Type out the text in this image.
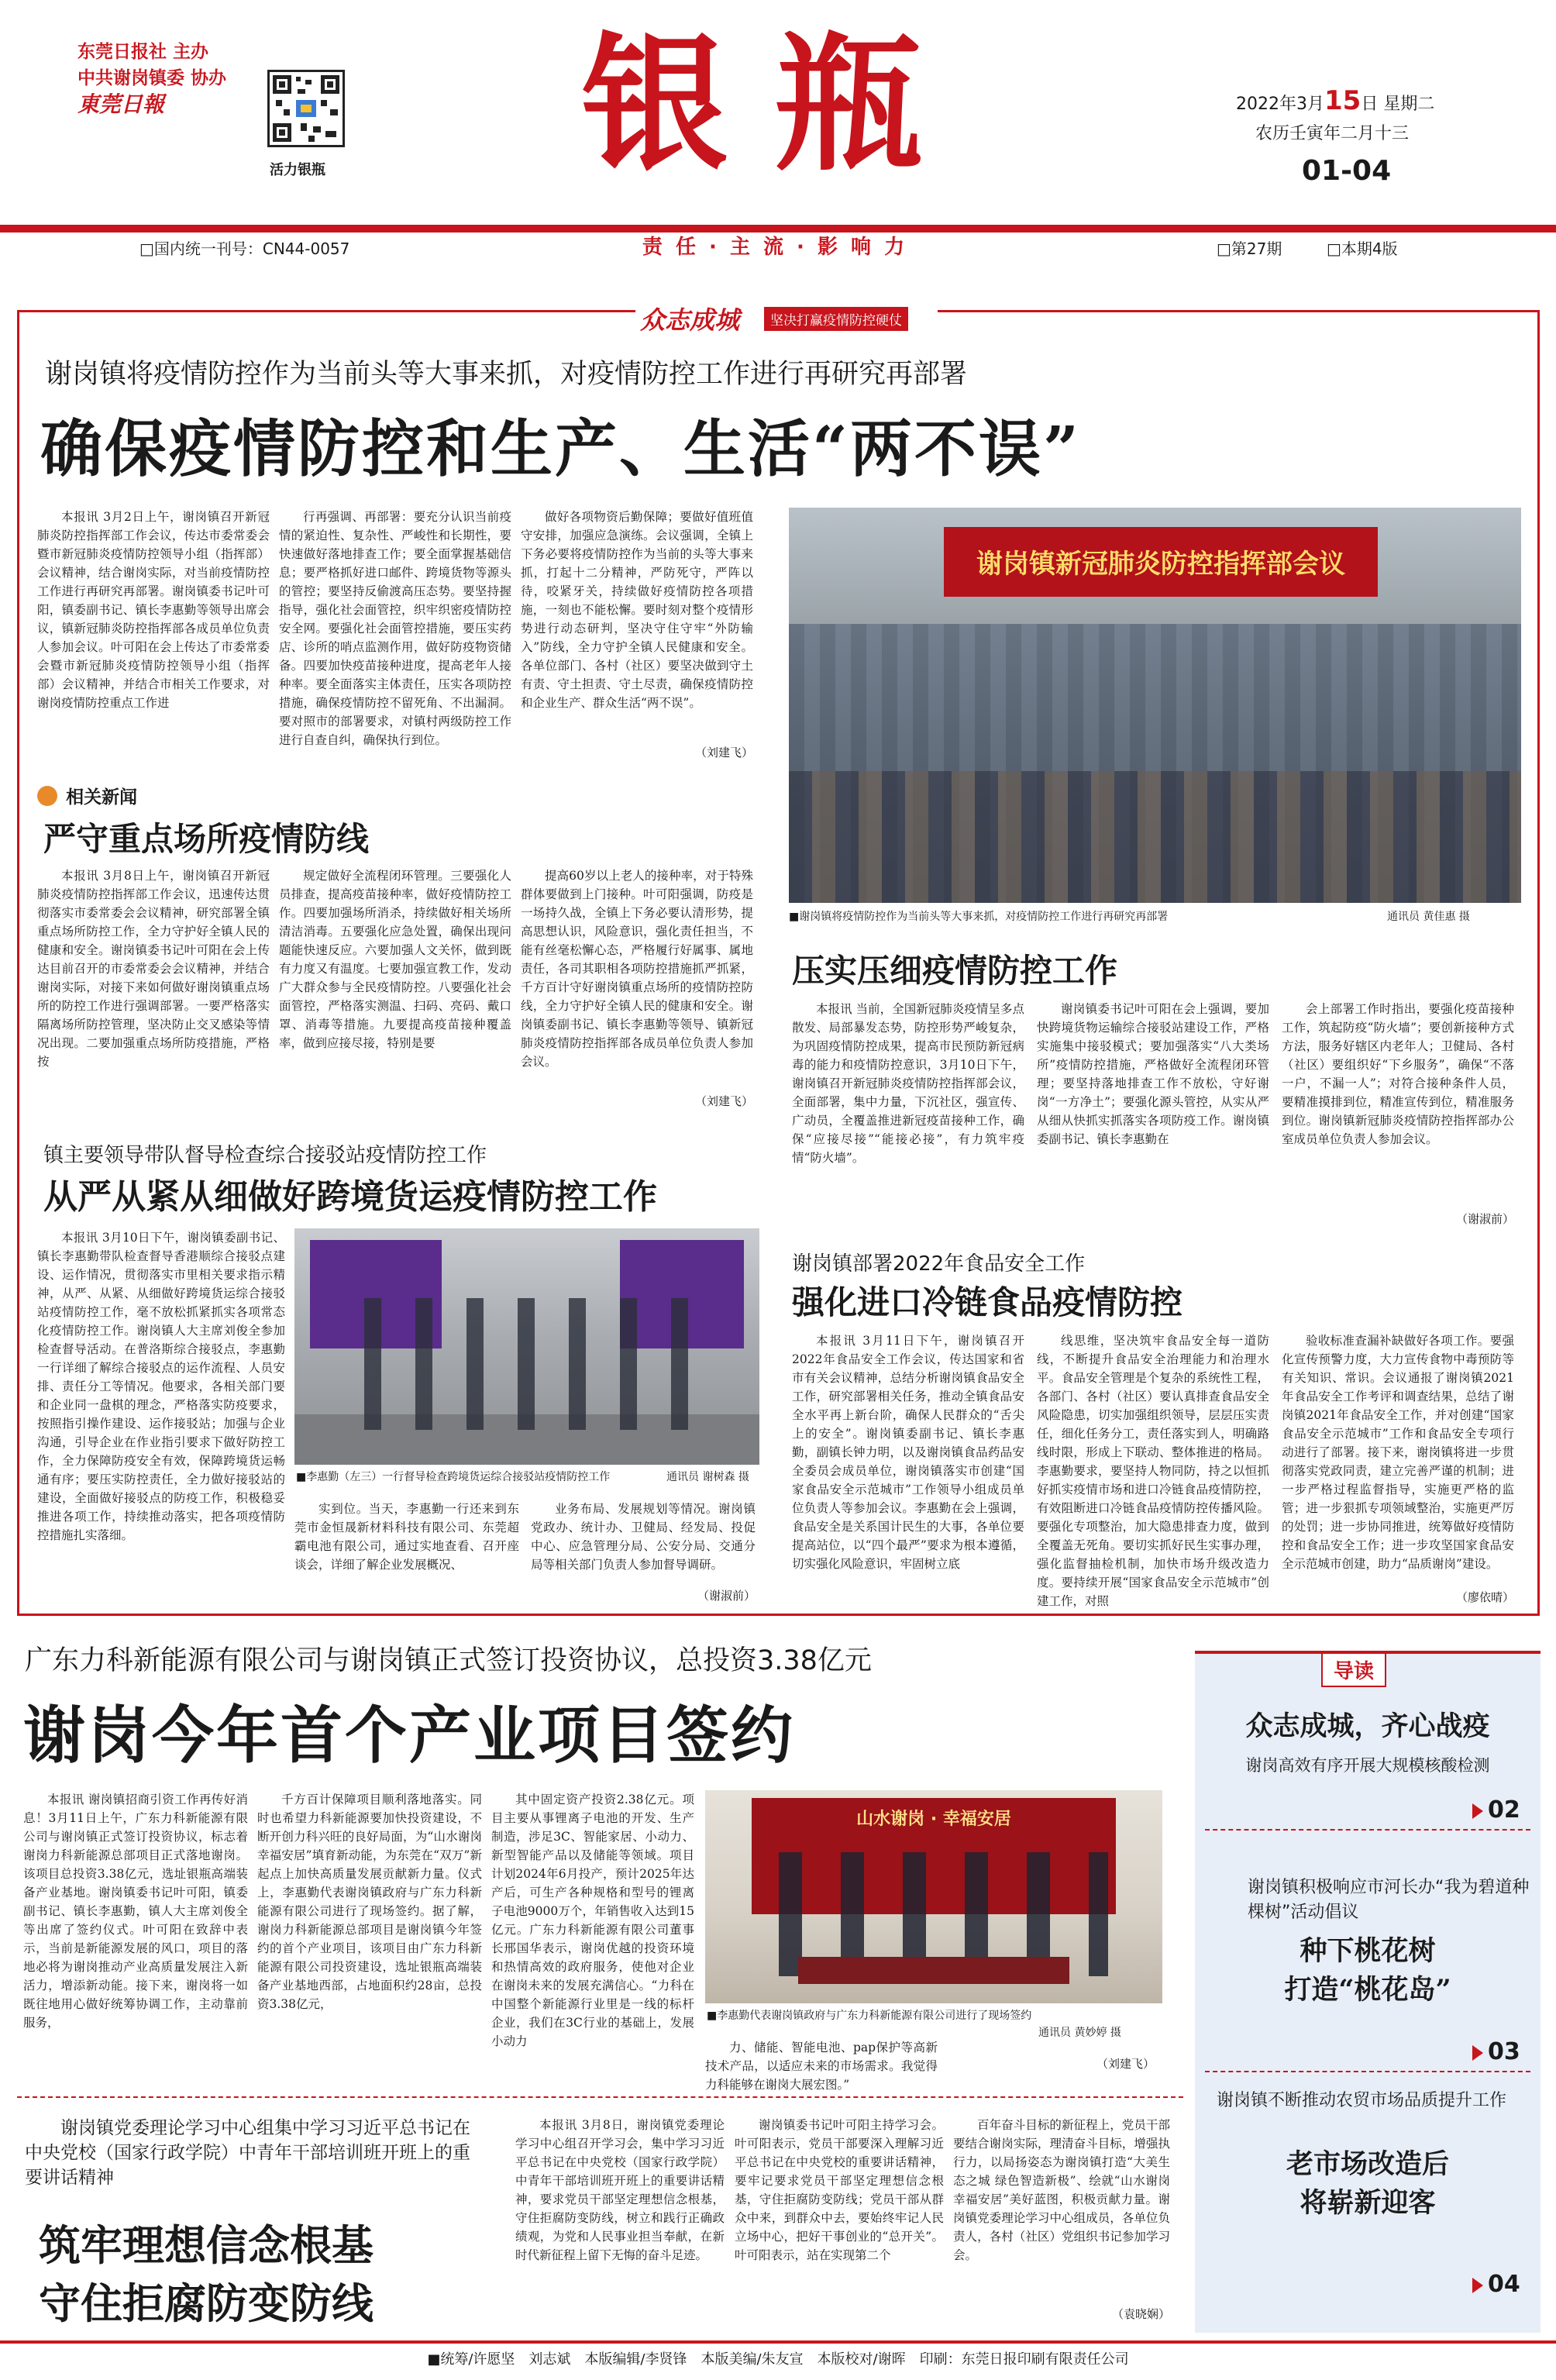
东莞日报社 主办
中共谢岗镇委 协办
東莞日報
活力银瓶	银瓶
责 任 · 主 流 · 影 响 力
2022年3月15日 星期二
农历壬寅年二月十三
01-04
□国内统一刊号：CN44-0057	□第27期	□本期4版
众志成城	坚决打赢疫情防控硬仗
谢岗镇将疫情防控作为当前头等大事来抓，对疫情防控工作进行再研究再部署
确保疫情防控和生产、生活“两不误”
本报讯 3月2日上午，谢岗镇召开新冠肺炎防控指挥部工作会议，传达市委常委会暨市新冠肺炎疫情防控领导小组（指挥部）会议精神，结合谢岗实际，对当前疫情防控工作进行再研究再部署。谢岗镇委书记叶可阳，镇委副书记、镇长李惠勤等领导出席会议，镇新冠肺炎防控指挥部各成员单位负责人参加会议。叶可阳在会上传达了市委常委会暨市新冠肺炎疫情防控领导小组（指挥部）会议精神，并结合市相关工作要求，对谢岗疫情防控重点工作进
行再强调、再部署：要充分认识当前疫情的紧迫性、复杂性、严峻性和长期性，要快速做好落地排查工作；要全面掌握基础信息；要严格抓好进口邮件、跨境货物等源头的管控；要坚持反偷渡高压态势。要坚持握指导，强化社会面管控，织牢织密疫情防控安全网。要强化社会面管控措施，要压实药店、诊所的哨点监测作用，做好防疫物资储备。四要加快疫苗接种进度，提高老年人接种率。要全面落实主体责任，压实各项防控措施，确保疫情防控不留死角、不出漏洞。要对照市的部署要求，对镇村两级防控工作进行自查自纠，确保执行到位。
做好各项物资后勤保障；要做好值班值守安排，加强应急演练。会议强调，全镇上下务必要将疫情防控作为当前的头等大事来抓，打起十二分精神，严防死守，严阵以待，咬紧牙关，持续做好疫情防控各项措施，一刻也不能松懈。要时刻对整个疫情形势进行动态研判，坚决守住守牢“外防输入”防线，全力守护全镇人民健康和安全。各单位部门、各村（社区）要坚决做到守土有责、守土担责、守土尽责，确保疫情防控和企业生产、群众生活“两不误”。
（刘建飞）
谢岗镇新冠肺炎防控指挥部会议
■谢岗镇将疫情防控作为当前头等大事来抓，对疫情防控工作进行再研究再部署	通讯员 黄佳惠 摄
相关新闻
严守重点场所疫情防线
本报讯 3月8日上午，谢岗镇召开新冠肺炎疫情防控指挥部工作会议，迅速传达贯彻落实市委常委会会议精神，研究部署全镇重点场所防控工作，全力守护好全镇人民的健康和安全。谢岗镇委书记叶可阳在会上传达目前召开的市委常委会会议精神，并结合谢岗实际，对接下来如何做好谢岗镇重点场所的防控工作进行强调部署。一要严格落实隔离场所防控管理，坚决防止交叉感染等情况出现。二要加强重点场所防疫措施，严格按
规定做好全流程闭环管理。三要强化人员排查，提高疫苗接种率，做好疫情防控工作。四要加强场所消杀，持续做好相关场所清洁消毒。五要强化应急处置，确保出现问题能快速反应。六要加强人文关怀，做到既有力度又有温度。七要加强宣教工作，发动广大群众参与全民疫情防控。八要强化社会面管控，严格落实测温、扫码、亮码、戴口罩、消毒等措施。九要提高疫苗接种覆盖率，做到应接尽接，特别是要
提高60岁以上老人的接种率，对于特殊群体要做到上门接种。叶可阳强调，防疫是一场持久战，全镇上下务必要认清形势，提高思想认识，风险意识，强化责任担当，不能有丝毫松懈心态，严格履行好属事、属地责任，各司其职相各项防控措施抓严抓紧，千方百计守好谢岗镇重点场所的疫情防控防线，全力守护好全镇人民的健康和安全。谢岗镇委副书记、镇长李惠勤等领导、镇新冠肺炎疫情防控指挥部各成员单位负责人参加会议。
（刘建飞）
压实压细疫情防控工作
本报讯 当前，全国新冠肺炎疫情呈多点散发、局部暴发态势，防控形势严峻复杂，为巩固疫情防控成果，提高市民预防新冠病毒的能力和疫情防控意识，3月10日下午，谢岗镇召开新冠肺炎疫情防控指挥部会议，全面部署，集中力量，下沉社区，强宣传、广动员，全覆盖推进新冠疫苗接种工作，确保“应接尽接”“能接必接”，有力筑牢疫情“防火墙”。
谢岗镇委书记叶可阳在会上强调，要加快跨境货物运输综合接驳站建设工作，严格实施集中接驳模式；要加强落实“八大类场所”疫情防控措施，严格做好全流程闭环管理；要坚持落地排查工作不放松，守好谢岗“一方净土”；要强化源头管控，从实从严从细从快抓实抓落实各项防疫工作。谢岗镇委副书记、镇长李惠勤在
会上部署工作时指出，要强化疫苗接种工作，筑起防疫“防火墙”；要创新接种方式方法，服务好辖区内老年人；卫健局、各村（社区）要组织好“下乡服务”，确保“不落一户，不漏一人”；对符合接种条件人员，要精准摸排到位，精准宣传到位，精准服务到位。谢岗镇新冠肺炎疫情防控指挥部办公室成员单位负责人参加会议。
（谢淑前）
镇主要领导带队督导检查综合接驳站疫情防控工作
从严从紧从细做好跨境货运疫情防控工作
本报讯 3月10日下午，谢岗镇委副书记、镇长李惠勤带队检查督导香港顺综合接驳点建设、运作情况，贯彻落实市里相关要求指示精神，从严、从紧、从细做好跨境货运综合接驳站疫情防控工作，毫不放松抓紧抓实各项常态化疫情防控工作。谢岗镇人大主席刘俊全参加检查督导活动。在普洛斯综合接驳点，李惠勤一行详细了解综合接驳点的运作流程、人员安排、责任分工等情况。他要求，各相关部门要和企业同一盘棋的理念，严格落实防疫要求，按照指引操作建设、运作接驳站；加强与企业沟通，引导企业在作业指引要求下做好防控工作，全力保障防疫安全有效，保障跨境货运畅通有序；要压实防控责任，全力做好接驳站的建设，全面做好接驳点的防疫工作，积极稳妥推进各项工作，持续推动落实，把各项疫情防控措施扎实落细。
■李惠勤（左三）一行督导检查跨境货运综合接驳站疫情防控工作	通讯员 谢树森 摄
实到位。当天，李惠勤一行还来到东莞市金恒晟新材料科技有限公司、东莞超霸电池有限公司，通过实地查看、召开座谈会，详细了解企业发展概况、
业务布局、发展规划等情况。谢岗镇党政办、统计办、卫健局、经发局、投促中心、应急管理分局、公安分局、交通分局等相关部门负责人参加督导调研。
（谢淑前）
谢岗镇部署2022年食品安全工作
强化进口冷链食品疫情防控
本报讯 3月11日下午，谢岗镇召开2022年食品安全工作会议，传达国家和省市有关会议精神，总结分析谢岗镇食品安全工作，研究部署相关任务，推动全镇食品安全水平再上新台阶，确保人民群众的“舌尖上的安全”。谢岗镇委副书记、镇长李惠勤，副镇长钟力明，以及谢岗镇食品药品安全委员会成员单位，谢岗镇落实市创建“国家食品安全示范城市”工作领导小组成员单位负责人等参加会议。李惠勤在会上强调，食品安全是关系国计民生的大事，各单位要提高站位，以“四个最严”要求为根本遵循，切实强化风险意识，牢固树立底
线思维，坚决筑牢食品安全每一道防线，不断提升食品安全治理能力和治理水平。食品安全管理是个复杂的系统性工程，各部门、各村（社区）要认真排查食品安全风险隐患，切实加强组织领导，层层压实责任，细化任务分工，责任落实到人，明确路线时限，形成上下联动、整体推进的格局。李惠勤要求，要坚持人物同防，持之以恒抓好抓实疫情市场和进口冷链食品疫情防控，有效阻断进口冷链食品疫情防控传播风险。要强化专项整治，加大隐患排查力度，做到全覆盖无死角。要切实抓好民生实事办理，强化监督抽检机制，加快市场升级改造力度。要持续开展“国家食品安全示范城市”创建工作，对照
验收标准查漏补缺做好各项工作。要强化宣传预警力度，大力宣传食物中毒预防等有关知识、常识。会议通报了谢岗镇2021年食品安全工作考评和调查结果，总结了谢岗镇2021年食品安全工作，并对创建“国家食品安全示范城市”工作和食品安全专项行动进行了部署。接下来，谢岗镇将进一步贯彻落实党政同责，建立完善严谨的机制；进一步严格过程监督指导，实施更严格的监管；进一步狠抓专项领域整治，实施更严厉的处罚；进一步协同推进，统筹做好疫情防控和食品安全工作；进一步攻坚国家食品安全示范城市创建，助力“品质谢岗”建设。
（廖依晴）
广东力科新能源有限公司与谢岗镇正式签订投资协议，总投资3.38亿元
谢岗今年首个产业项目签约
本报讯 谢岗镇招商引资工作再传好消息！3月11日上午，广东力科新能源有限公司与谢岗镇正式签订投资协议，标志着谢岗力科新能源总部项目正式落地谢岗。该项目总投资3.38亿元，选址银瓶高端装备产业基地。谢岗镇委书记叶可阳，镇委副书记、镇长李惠勤，镇人大主席刘俊全等出席了签约仪式。叶可阳在致辞中表示，当前是新能源发展的风口，项目的落地必将为谢岗推动产业高质量发展注入新活力，增添新动能。接下来，谢岗将一如既往地用心做好统筹协调工作，主动靠前服务，
千方百计保障项目顺利落地落实。同时也希望力科新能源要加快投资建设，不断开创力科兴旺的良好局面，为“山水谢岗 幸福安居”填育新动能，为东莞在“双万”新起点上加快高质量发展贡献新力量。仪式上，李惠勤代表谢岗镇政府与广东力科新能源有限公司进行了现场签约。据了解，谢岗力科新能源总部项目是谢岗镇今年签约的首个产业项目，该项目由广东力科新能源有限公司投资建设，选址银瓶高端装备产业基地西部，占地面积约28亩，总投资3.38亿元，
其中固定资产投资2.38亿元。项目主要从事锂离子电池的开发、生产制造，涉足3C、智能家居、小动力、新型智能产品以及储能等领域。项目计划2024年6月投产，预计2025年达产后，可生产各种规格和型号的锂离子电池9000万个，年销售收入达到15亿元。广东力科新能源有限公司董事长邢国华表示，谢岗优越的投资环境和热情高效的政府服务，使他对企业在谢岗未来的发展充满信心。“力科在中国整个新能源行业里是一线的标杆企业，我们在3C行业的基础上，发展小动力
山水谢岗 · 幸福安居
■李惠勤代表谢岗镇政府与广东力科新能源有限公司进行了现场签约
通讯员 黄妙婷 摄
力、储能、智能电池、pap保护等高新技术产品，以适应未来的市场需求。我觉得力科能够在谢岗大展宏图。”
（刘建飞）
导读
众志成城，齐心战疫
谢岗高效有序开展大规模核酸检测
02
谢岗镇积极响应市河长办“我为碧道种棵树”活动倡议
种下桃花树
打造“桃花岛”
03
谢岗镇不断推动农贸市场品质提升工作
老市场改造后
将崭新迎客
04
谢岗镇党委理论学习中心组集中学习习近平总书记在中央党校（国家行政学院）中青年干部培训班开班上的重要讲话精神
筑牢理想信念根基
守住拒腐防变防线
本报讯 3月8日，谢岗镇党委理论学习中心组召开学习会，集中学习习近平总书记在中央党校（国家行政学院）中青年干部培训班开班上的重要讲话精神，要求党员干部坚定理想信念根基，守住拒腐防变防线，树立和践行正确政绩观，为党和人民事业担当奉献，在新时代新征程上留下无悔的奋斗足迹。
谢岗镇委书记叶可阳主持学习会。叶可阳表示，党员干部要深入理解习近平总书记在中央党校的重要讲话精神，要牢记要求党员干部坚定理想信念根基，守住拒腐防变防线；党员干部从群众中来，到群众中去，要始终牢记人民立场中心，把好干事创业的“总开关”。叶可阳表示，站在实现第二个
百年奋斗目标的新征程上，党员干部要结合谢岗实际，理清奋斗目标，增强执行力，以局扬姿态为谢岗镇打造“大美生态之城 绿色智造新极”、绘就“山水谢岗 幸福安居”美好蓝图，积极贡献力量。谢岗镇党委理论学习中心组成员，各单位负责人，各村（社区）党组织书记参加学习会。
（袁晓娴）
■统筹/许愿坚　刘志斌　本版编辑/李贤锋　本版美编/朱友宣　本版校对/谢晖　印刷：东莞日报印刷有限责任公司
